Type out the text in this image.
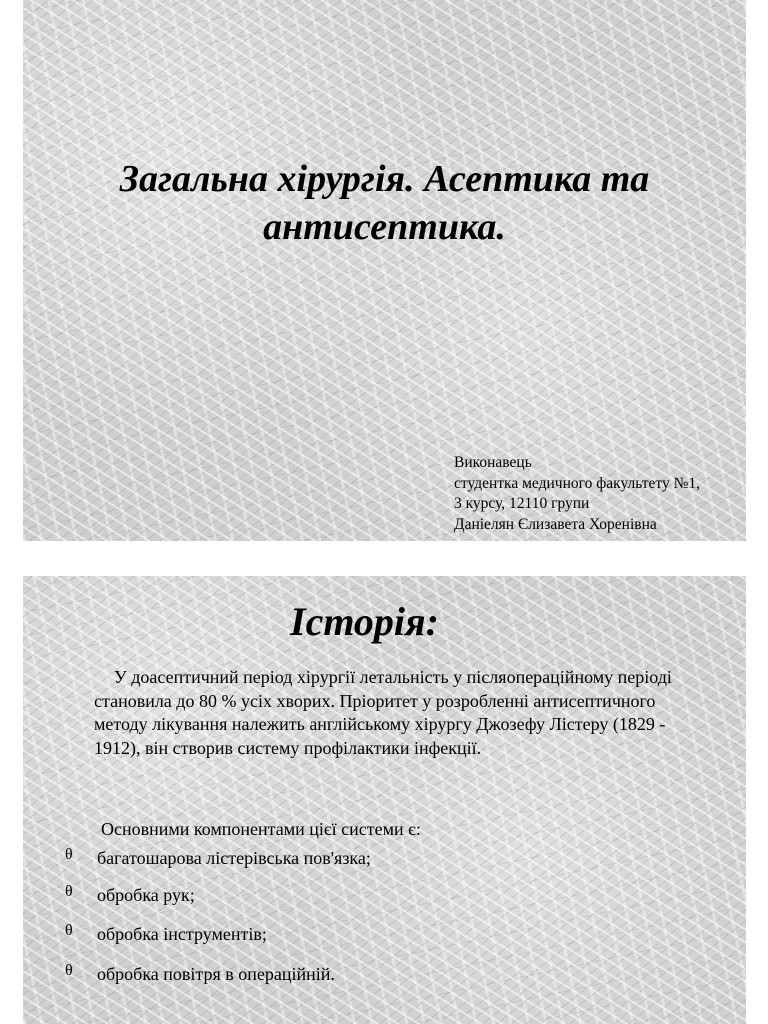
Загальна хірургія. Асептика та антисептика.
Виконавець
студентка медичного факультету №1,
3 курсу, 12110 групи
Даніелян Єлизавета Хоренівна
Історія:
У доасептичний період хірургії летальність у післяопераційному періоді становила до 80 % усіх хворих. Пріоритет у розробленні антисептичного методу лікування належить англійському хірургу Джозефу Лістеру (1829 - 1912), він створив систему профілактики інфекції.
Основними компонентами цієї системи є:
θ багатошарова лістерівська пов'язка;
θ обробка рук;
θ обробка інструментів;
θ обробка повітря в операційній.
